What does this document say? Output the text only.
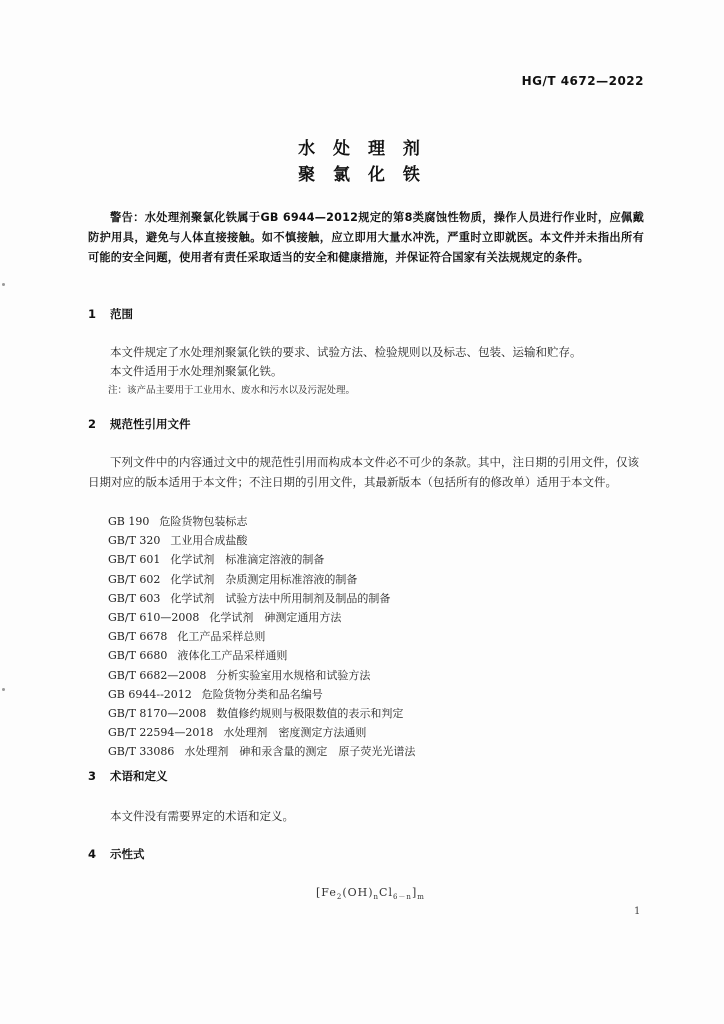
HG/T 4672—2022
水 处 理 剂
聚 氯 化 铁
警告：水处理剂聚氯化铁属于GB 6944—2012规定的第8类腐蚀性物质，操作人员进行作业时，应佩戴防护用具，避免与人体直接接触。如不慎接触，应立即用大量水冲洗，严重时立即就医。本文件并未指出所有可能的安全问题，使用者有责任采取适当的安全和健康措施，并保证符合国家有关法规规定的条件。
1 范围
本文件规定了水处理剂聚氯化铁的要求、试验方法、检验规则以及标志、包装、运输和贮存。
本文件适用于水处理剂聚氯化铁。
注：该产品主要用于工业用水、废水和污水以及污泥处理。
2 规范性引用文件
下列文件中的内容通过文中的规范性引用而构成本文件必不可少的条款。其中，注日期的引用文件，仅该日期对应的版本适用于本文件；不注日期的引用文件，其最新版本（包括所有的修改单）适用于本文件。
GB 190 危险货物包装标志
GB/T 320 工业用合成盐酸
GB/T 601 化学试剂　标准滴定溶液的制备
GB/T 602 化学试剂　杂质测定用标准溶液的制备
GB/T 603 化学试剂　试验方法中所用制剂及制品的制备
GB/T 610—2008 化学试剂　砷测定通用方法
GB/T 6678 化工产品采样总则
GB/T 6680 液体化工产品采样通则
GB/T 6682—2008 分析实验室用水规格和试验方法
GB 6944--2012 危险货物分类和品名编号
GB/T 8170—2008 数值修约规则与极限数值的表示和判定
GB/T 22594—2018 水处理剂　密度测定方法通则
GB/T 33086 水处理剂　砷和汞含量的测定　原子荧光光谱法
3 术语和定义
本文件没有需要界定的术语和定义。
4 示性式
$[Fe_2(OH)_nCl_{6-n}]_m$
1
